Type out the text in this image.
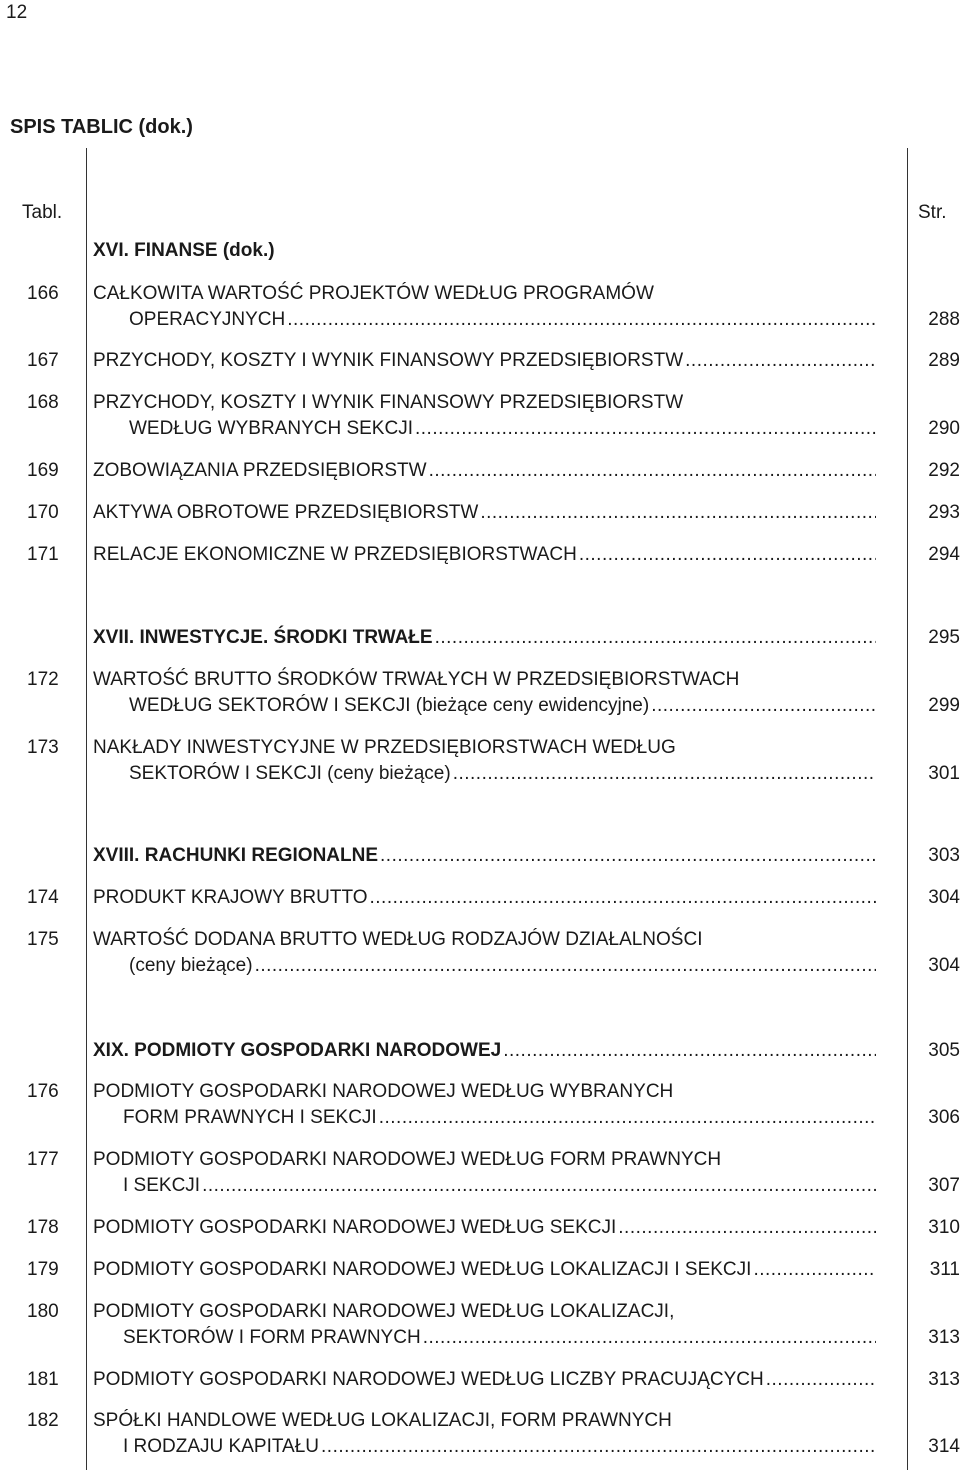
12
SPIS TABLIC (dok.)
Tabl.	Str.
XVI. FINANSE (dok.)
166	CAŁKOWITA WARTOŚĆ PROJEKTÓW WEDŁUG PROGRAMÓW
OPERACYJNYCH .....	288
167	PRZYCHODY, KOSZTY I WYNIK FINANSOWY PRZEDSIĘBIORSTW .....	289
168	PRZYCHODY, KOSZTY I WYNIK FINANSOWY PRZEDSIĘBIORSTW
WEDŁUG WYBRANYCH SEKCJI .....	290
169	ZOBOWIĄZANIA PRZEDSIĘBIORSTW .....	292
170	AKTYWA OBROTOWE PRZEDSIĘBIORSTW .....	293
171	RELACJE EKONOMICZNE W PRZEDSIĘBIORSTWACH .....	294
XVII. INWESTYCJE. ŚRODKI TRWAŁE .....	295
172	WARTOŚĆ BRUTTO ŚRODKÓW TRWAŁYCH W PRZEDSIĘBIORSTWACH
WEDŁUG SEKTORÓW I SEKCJI (bieżące ceny ewidencyjne) .....	299
173	NAKŁADY INWESTYCYJNE W PRZEDSIĘBIORSTWACH WEDŁUG
SEKTORÓW I SEKCJI (ceny bieżące) .....	301
XVIII. RACHUNKI REGIONALNE .....	303
174	PRODUKT KRAJOWY BRUTTO .....	304
175	WARTOŚĆ DODANA BRUTTO WEDŁUG RODZAJÓW DZIAŁALNOŚCI
(ceny bieżące) .....	304
XIX. PODMIOTY GOSPODARKI NARODOWEJ .....	305
176	PODMIOTY GOSPODARKI NARODOWEJ WEDŁUG WYBRANYCH
FORM PRAWNYCH I SEKCJI .....	306
177	PODMIOTY GOSPODARKI NARODOWEJ WEDŁUG FORM PRAWNYCH
I SEKCJI .....	307
178	PODMIOTY GOSPODARKI NARODOWEJ WEDŁUG SEKCJI .....	310
179	PODMIOTY GOSPODARKI NARODOWEJ WEDŁUG LOKALIZACJI I SEKCJI .....	311
180	PODMIOTY GOSPODARKI NARODOWEJ WEDŁUG LOKALIZACJI,
SEKTORÓW I FORM PRAWNYCH .....	313
181	PODMIOTY GOSPODARKI NARODOWEJ WEDŁUG LICZBY PRACUJĄCYCH .....	313
182	SPÓŁKI HANDLOWE WEDŁUG LOKALIZACJI, FORM PRAWNYCH
I RODZAJU KAPITAŁU .....	314
